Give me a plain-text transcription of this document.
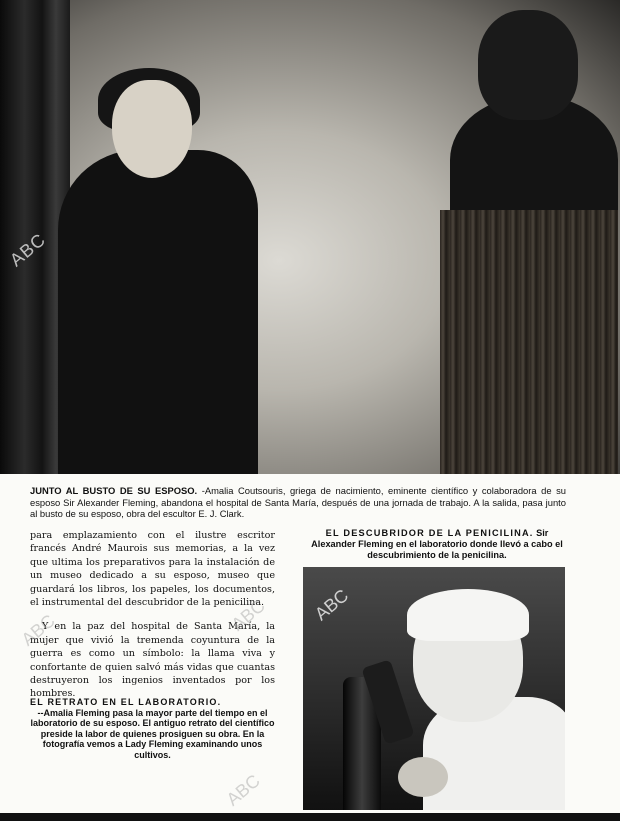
ABC
JUNTO AL BUSTO DE SU ESPOSO. -Amalia Coutsouris, griega de nacimiento, eminente científico y colaboradora de su esposo Sir Alexander Fleming, abandona el hospital de Santa María, después de una jornada de trabajo. A la salida, pasa junto al busto de su esposo, obra del escultor E. J. Clark.

para emplazamiento con el ilustre escritor francés André Maurois sus memorias, a la vez que ultima los preparativos para la instalación de un museo dedicado a su esposo, museo que guardará los libros, los papeles, los documentos, el instrumental del descubridor de la penicilina.

Y en la paz del hospital de Santa María, la mujer que vivió la tremenda coyuntura de la guerra es como un símbolo: la llama viva y confortante de quien salvó más vidas que cuantas destruyeron los ingenios inventados por los hombres.

EL RETRATO EN EL LABORATORIO.
--Amalia Fleming pasa la mayor parte del tiempo en el laboratorio de su esposo. El antiguo retrato del científico preside la labor de quienes prosiguen su obra. En la fotografía vemos a Lady Fleming examinando unos cultivos.
EL DESCUBRIDOR DE LA PENICILINA. Sir Alexander Fleming en el laboratorio donde llevó a cabo el descubrimiento de la penicilina.
ABC
ABC	ABC
ABC
